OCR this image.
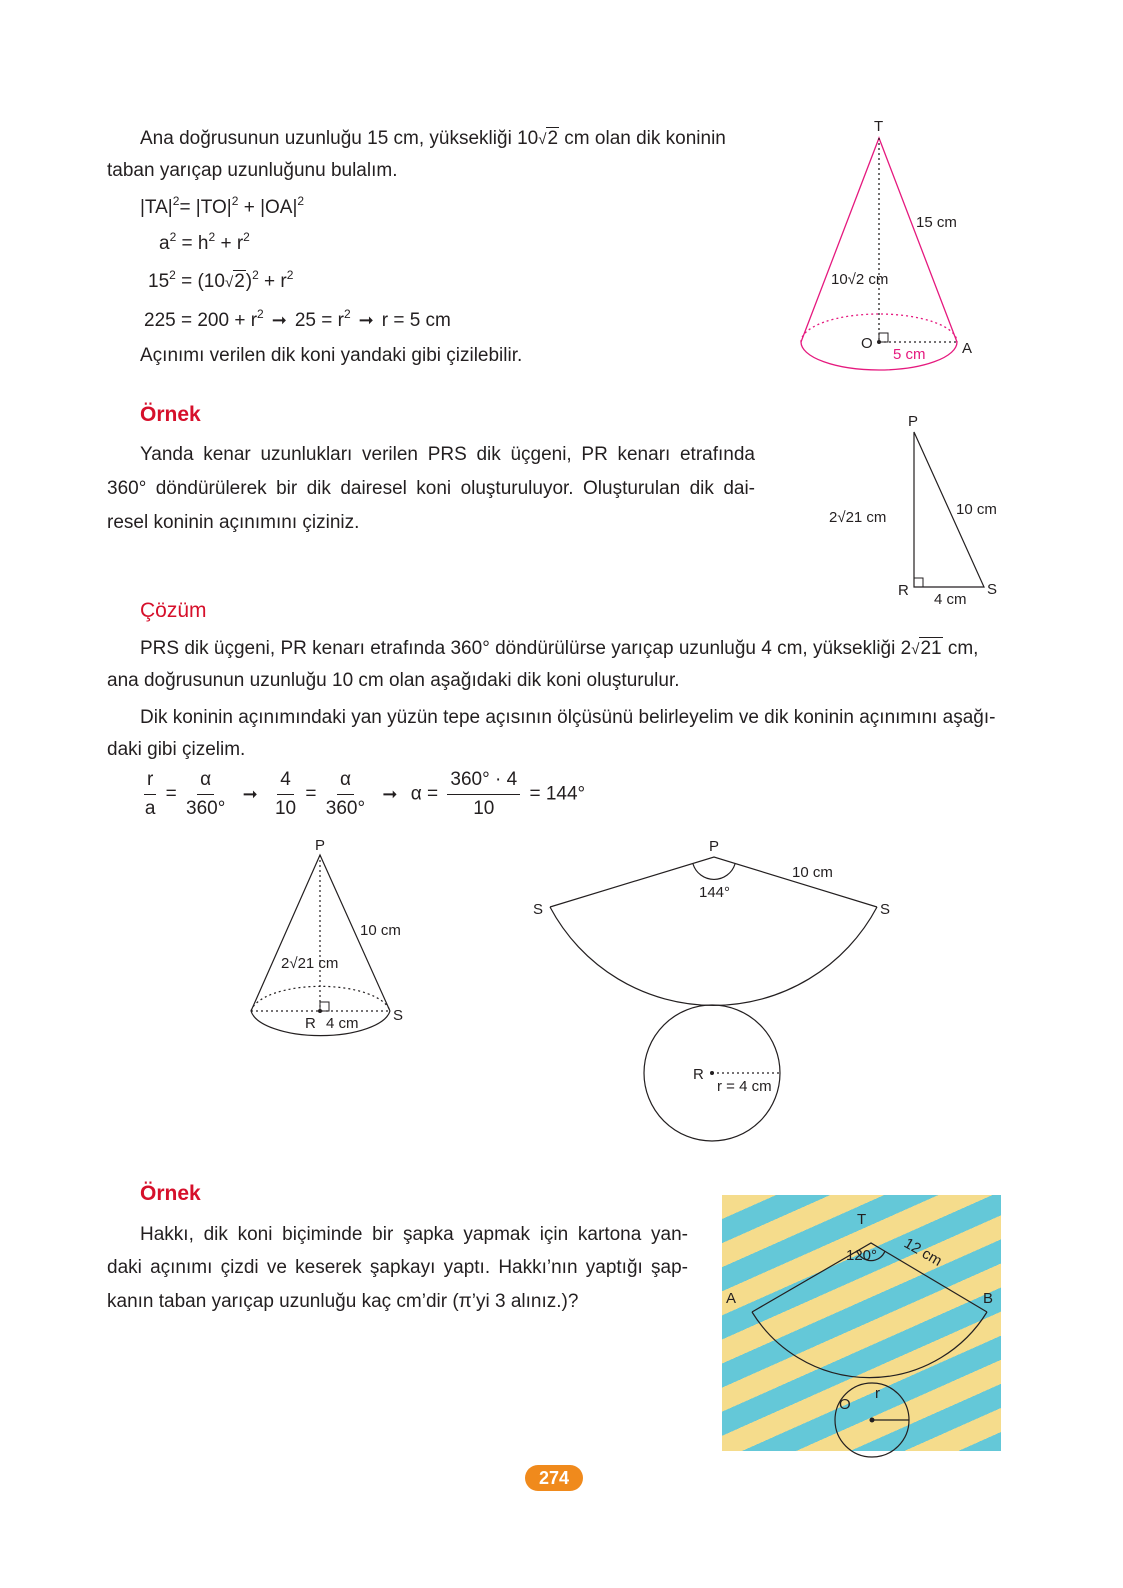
Ana doğrusunun uzunluğu 15 cm, yüksekliği 10√2 cm olan dik koninin
taban yarıçap uzunluğunu bulalım.
$|TA|^2= |TO|^2 + |OA|^2$
$a^2 = h^2 + r^2$
$15^2 = (10√2)^2 + r^2$
$225 = 200 + r^2$ ➞ $25 = r^2$ ➞ r = 5 cm
Açınımı verilen dik koni yandaki gibi çizilebilir.
Örnek
Yanda kenar uzunlukları verilen PRS dik üçgeni, PR kenarı etrafında
360° döndürülerek bir dik dairesel koni oluşturuluyor. Oluşturulan dik dai-
resel koninin açınımını çiziniz.
Çözüm
PRS dik üçgeni, PR kenarı etrafında 360° döndürülürse yarıçap uzunluğu 4 cm, yüksekliği 2√21 cm,
ana doğrusunun uzunluğu 10 cm olan aşağıdaki dik koni oluşturulur.
Dik koninin açınımındaki yan yüzün tepe açısının ölçüsünü belirleyelim ve dik koninin açınımını aşağı-
daki gibi çizelim.
$\frac{r}{a} = \frac{\alpha}{360^\circ}$ ➞ $\frac{4}{10} = \frac{\alpha}{360^\circ}$ ➞ $\alpha = \frac{360^\circ \cdot 4}{10} = 144^\circ$
Örnek
Hakkı, dik koni biçiminde bir şapka yapmak için kartona yan-
daki açınımı çizdi ve keserek şapkayı yaptı. Hakkı’nın yaptığı şap-
kanın taban yarıçap uzunluğu kaç cm’dir (π’yi 3 alınız.)?
T
15 cm
10√2 cm
O
5 cm A
P
2√21 cm	10 cm
R
4 cm
S
P
10 cm
2√21 cm
R 4 cm S
P
144°
10 cm
S	S
R
r = 4 cm
T
120° 12 cm
A	B
O
r
274
